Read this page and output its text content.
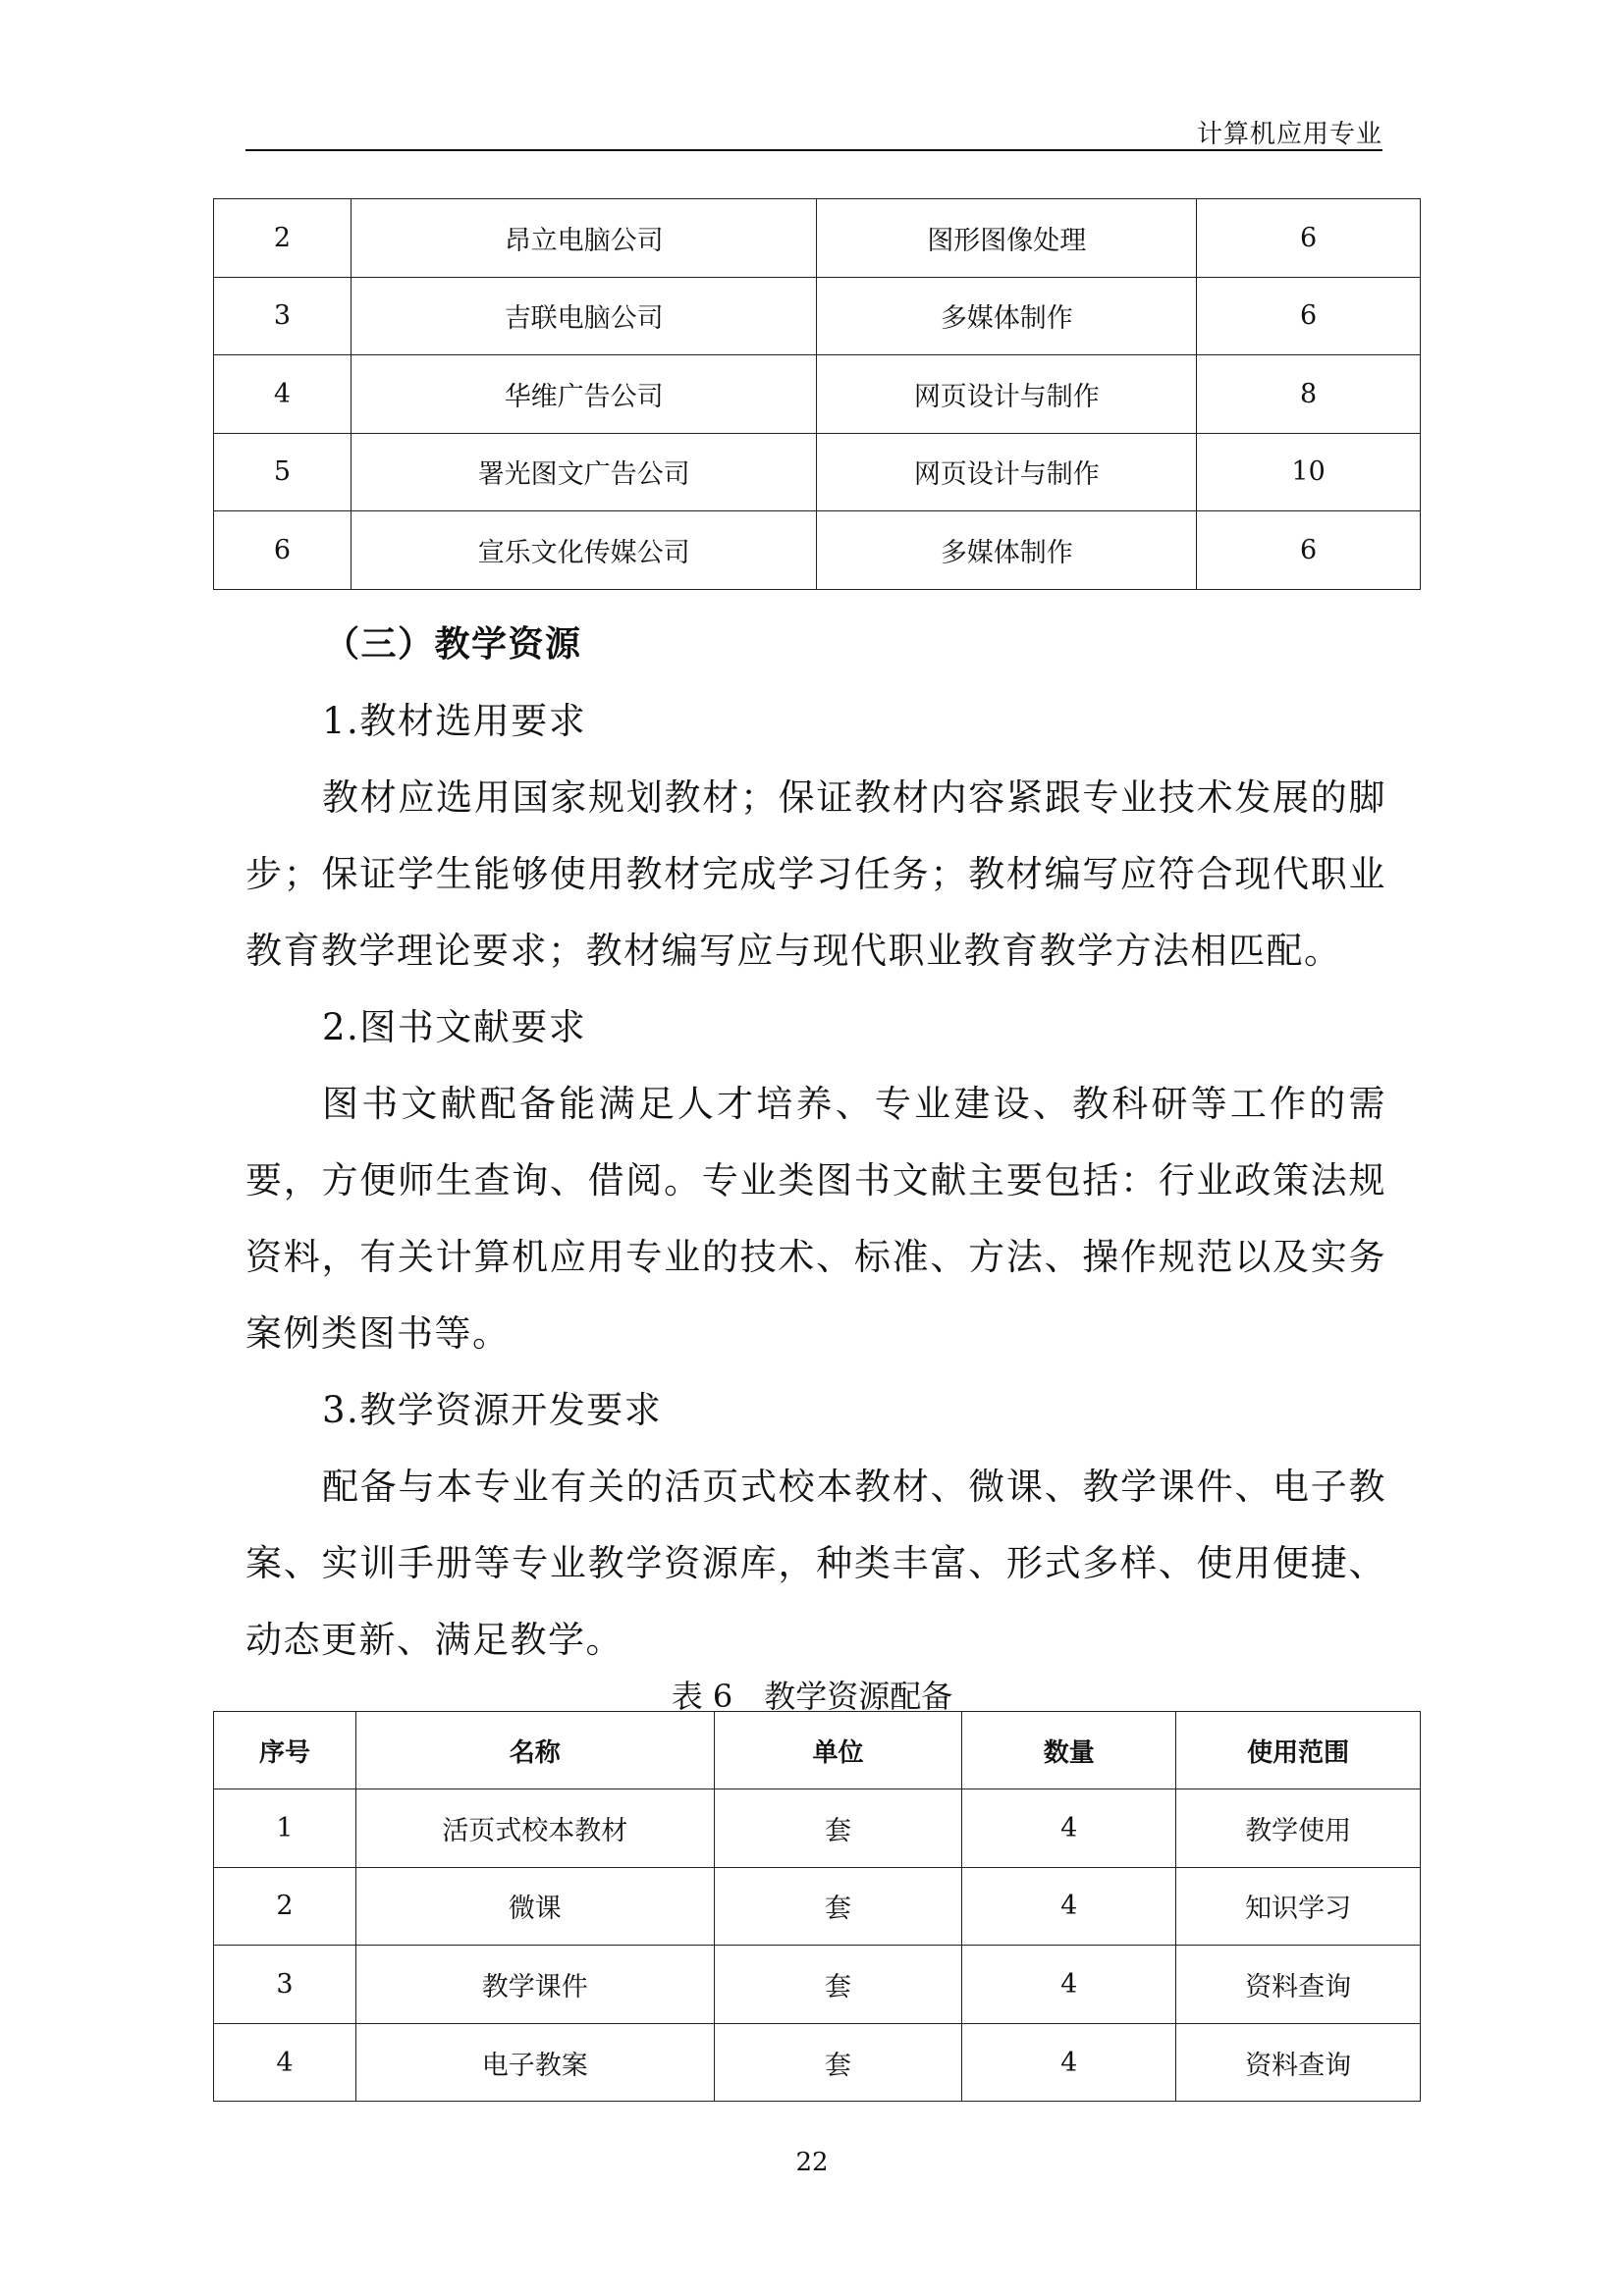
计算机应用专业
2	昂立电脑公司	图形图像处理	6
3	吉联电脑公司	多媒体制作	6
4	华维广告公司	网页设计与制作	8
5	署光图文广告公司	网页设计与制作	10
6	宣乐文化传媒公司	多媒体制作	6

（三）教学资源

1.教材选用要求

教材应选用国家规划教材；保证教材内容紧跟专业技术发展的脚步；保证学生能够使用教材完成学习任务；教材编写应符合现代职业教育教学理论要求；教材编写应与现代职业教育教学方法相匹配。

2.图书文献要求

图书文献配备能满足人才培养、专业建设、教科研等工作的需要，方便师生查询、借阅。专业类图书文献主要包括：行业政策法规资料，有关计算机应用专业的技术、标准、方法、操作规范以及实务案例类图书等。

3.教学资源开发要求

配备与本专业有关的活页式校本教材、微课、教学课件、电子教案、实训手册等专业教学资源库，种类丰富、形式多样、使用便捷、动态更新、满足教学。

表 6　教学资源配备
序号	名称	单位	数量	使用范围
1	活页式校本教材	套	4	教学使用
2	微课	套	4	知识学习
3	教学课件	套	4	资料查询
4	电子教案	套	4	资料查询
22
